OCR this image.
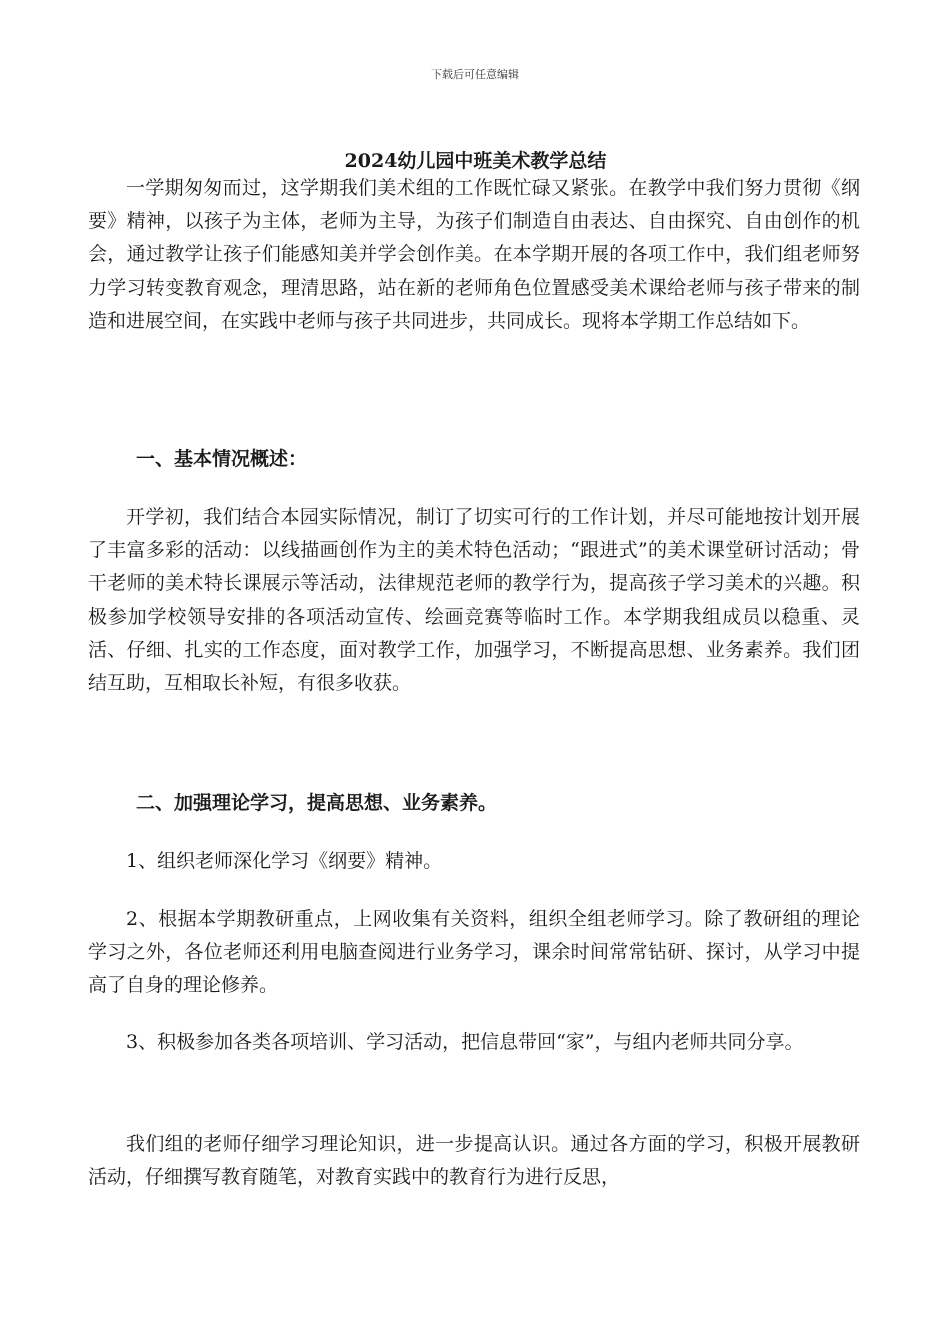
下载后可任意编辑
2024幼儿园中班美术教学总结

一学期匆匆而过，这学期我们美术组的工作既忙碌又紧张。在教学中我们努力贯彻《纲要》精神，以孩子为主体，老师为主导，为孩子们制造自由表达、自由探究、自由创作的机会，通过教学让孩子们能感知美并学会创作美。在本学期开展的各项工作中，我们组老师努力学习转变教育观念，理清思路，站在新的老师角色位置感受美术课给老师与孩子带来的制造和进展空间，在实践中老师与孩子共同进步，共同成长。现将本学期工作总结如下。

一、基本情况概述：

开学初，我们结合本园实际情况，制订了切实可行的工作计划，并尽可能地按计划开展了丰富多彩的活动：以线描画创作为主的美术特色活动；“跟进式”的美术课堂研讨活动；骨干老师的美术特长课展示等活动，法律规范老师的教学行为，提高孩子学习美术的兴趣。积极参加学校领导安排的各项活动宣传、绘画竞赛等临时工作。本学期我组成员以稳重、灵活、仔细、扎实的工作态度，面对教学工作，加强学习，不断提高思想、业务素养。我们团结互助，互相取长补短，有很多收获。

二、加强理论学习，提高思想、业务素养。

1、组织老师深化学习《纲要》精神。

2、根据本学期教研重点，上网收集有关资料，组织全组老师学习。除了教研组的理论学习之外，各位老师还利用电脑查阅进行业务学习，课余时间常常钻研、探讨，从学习中提高了自身的理论修养。

3、积极参加各类各项培训、学习活动，把信息带回“家”，与组内老师共同分享。

我们组的老师仔细学习理论知识，进一步提高认识。通过各方面的学习，积极开展教研活动，仔细撰写教育随笔，对教育实践中的教育行为进行反思，
